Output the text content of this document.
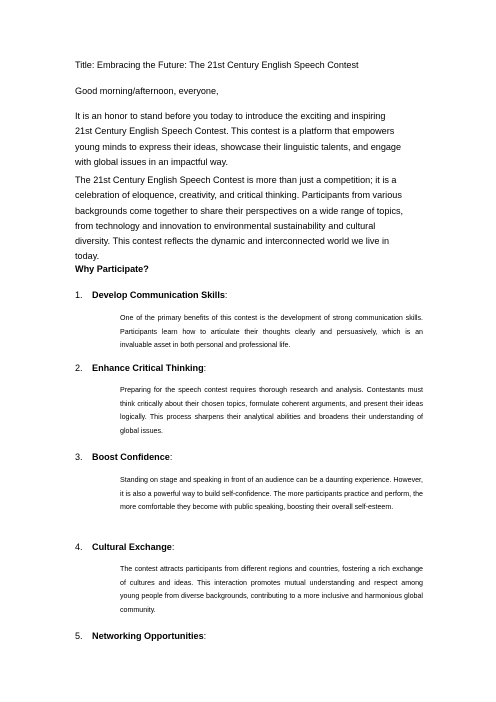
Title: Embracing the Future: The 21st Century English Speech Contest

Good morning/afternoon, everyone,

It is an honor to stand before you today to introduce the exciting and inspiring 21st Century English Speech Contest. This contest is a platform that empowers young minds to express their ideas, showcase their linguistic talents, and engage with global issues in an impactful way.

The 21st Century English Speech Contest is more than just a competition; it is a celebration of eloquence, creativity, and critical thinking. Participants from various backgrounds come together to share their perspectives on a wide range of topics, from technology and innovation to environmental sustainability and cultural diversity. This contest reflects the dynamic and interconnected world we live in today.

Why Participate?

1. Develop Communication Skills:

One of the primary benefits of this contest is the development of strong communication skills. Participants learn how to articulate their thoughts clearly and persuasively, which is an invaluable asset in both personal and professional life.

2. Enhance Critical Thinking:

Preparing for the speech contest requires thorough research and analysis. Contestants must think critically about their chosen topics, formulate coherent arguments, and present their ideas logically. This process sharpens their analytical abilities and broadens their understanding of global issues.

3. Boost Confidence:

Standing on stage and speaking in front of an audience can be a daunting experience. However, it is also a powerful way to build self-confidence. The more participants practice and perform, the more comfortable they become with public speaking, boosting their overall self-esteem.

4. Cultural Exchange:

The contest attracts participants from different regions and countries, fostering a rich exchange of cultures and ideas. This interaction promotes mutual understanding and respect among young people from diverse backgrounds, contributing to a more inclusive and harmonious global community.

5. Networking Opportunities:
